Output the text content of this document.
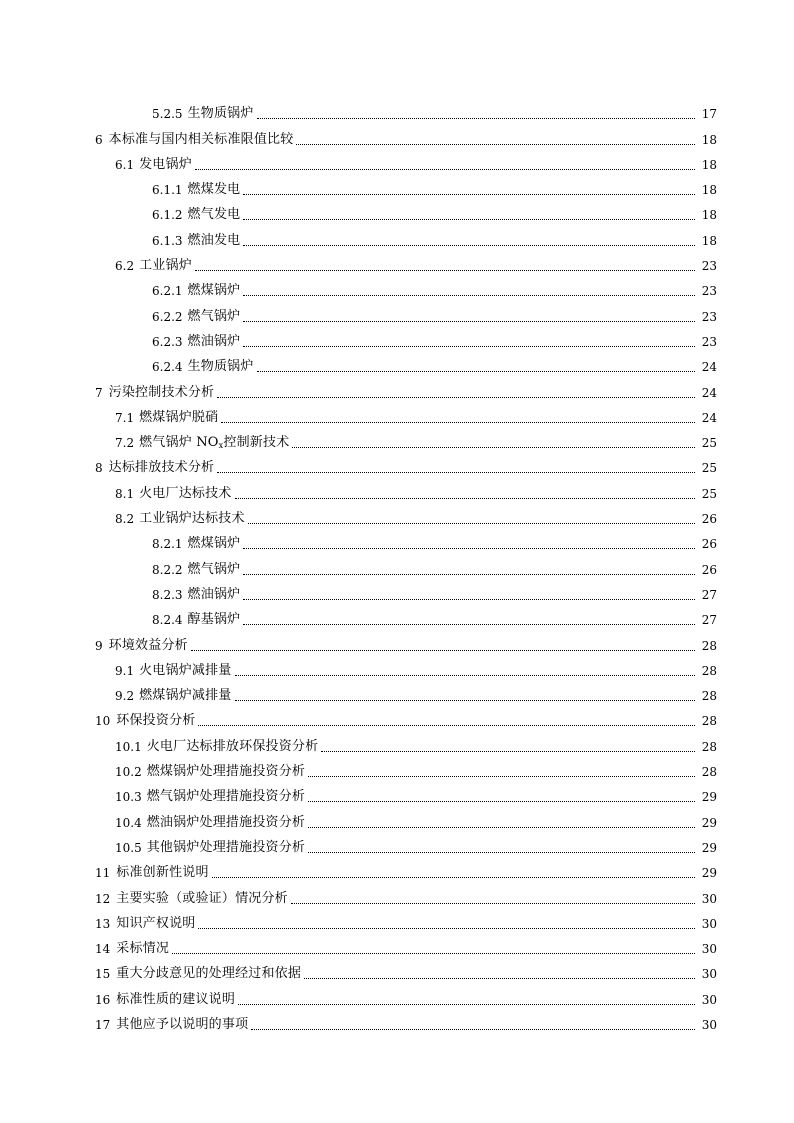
5.2.5 生物质锅炉	17
6 本标准与国内相关标准限值比较	18
6.1 发电锅炉	18
6.1.1 燃煤发电	18
6.1.2 燃气发电	18
6.1.3 燃油发电	18
6.2 工业锅炉	23
6.2.1 燃煤锅炉	23
6.2.2 燃气锅炉	23
6.2.3 燃油锅炉	23
6.2.4 生物质锅炉	24
7 污染控制技术分析	24
7.1 燃煤锅炉脱硝	24
7.2 燃气锅炉 $NO_x$控制新技术	25
8 达标排放技术分析	25
8.1 火电厂达标技术	25
8.2 工业锅炉达标技术	26
8.2.1 燃煤锅炉	26
8.2.2 燃气锅炉	26
8.2.3 燃油锅炉	27
8.2.4 醇基锅炉	27
9 环境效益分析	28
9.1 火电锅炉减排量	28
9.2 燃煤锅炉减排量	28
10 环保投资分析	28
10.1 火电厂达标排放环保投资分析	28
10.2 燃煤锅炉处理措施投资分析	28
10.3 燃气锅炉处理措施投资分析	29
10.4 燃油锅炉处理措施投资分析	29
10.5 其他锅炉处理措施投资分析	29
11 标准创新性说明	29
12 主要实验（或验证）情况分析	30
13 知识产权说明	30
14 采标情况	30
15 重大分歧意见的处理经过和依据	30
16 标准性质的建议说明	30
17 其他应予以说明的事项	30
